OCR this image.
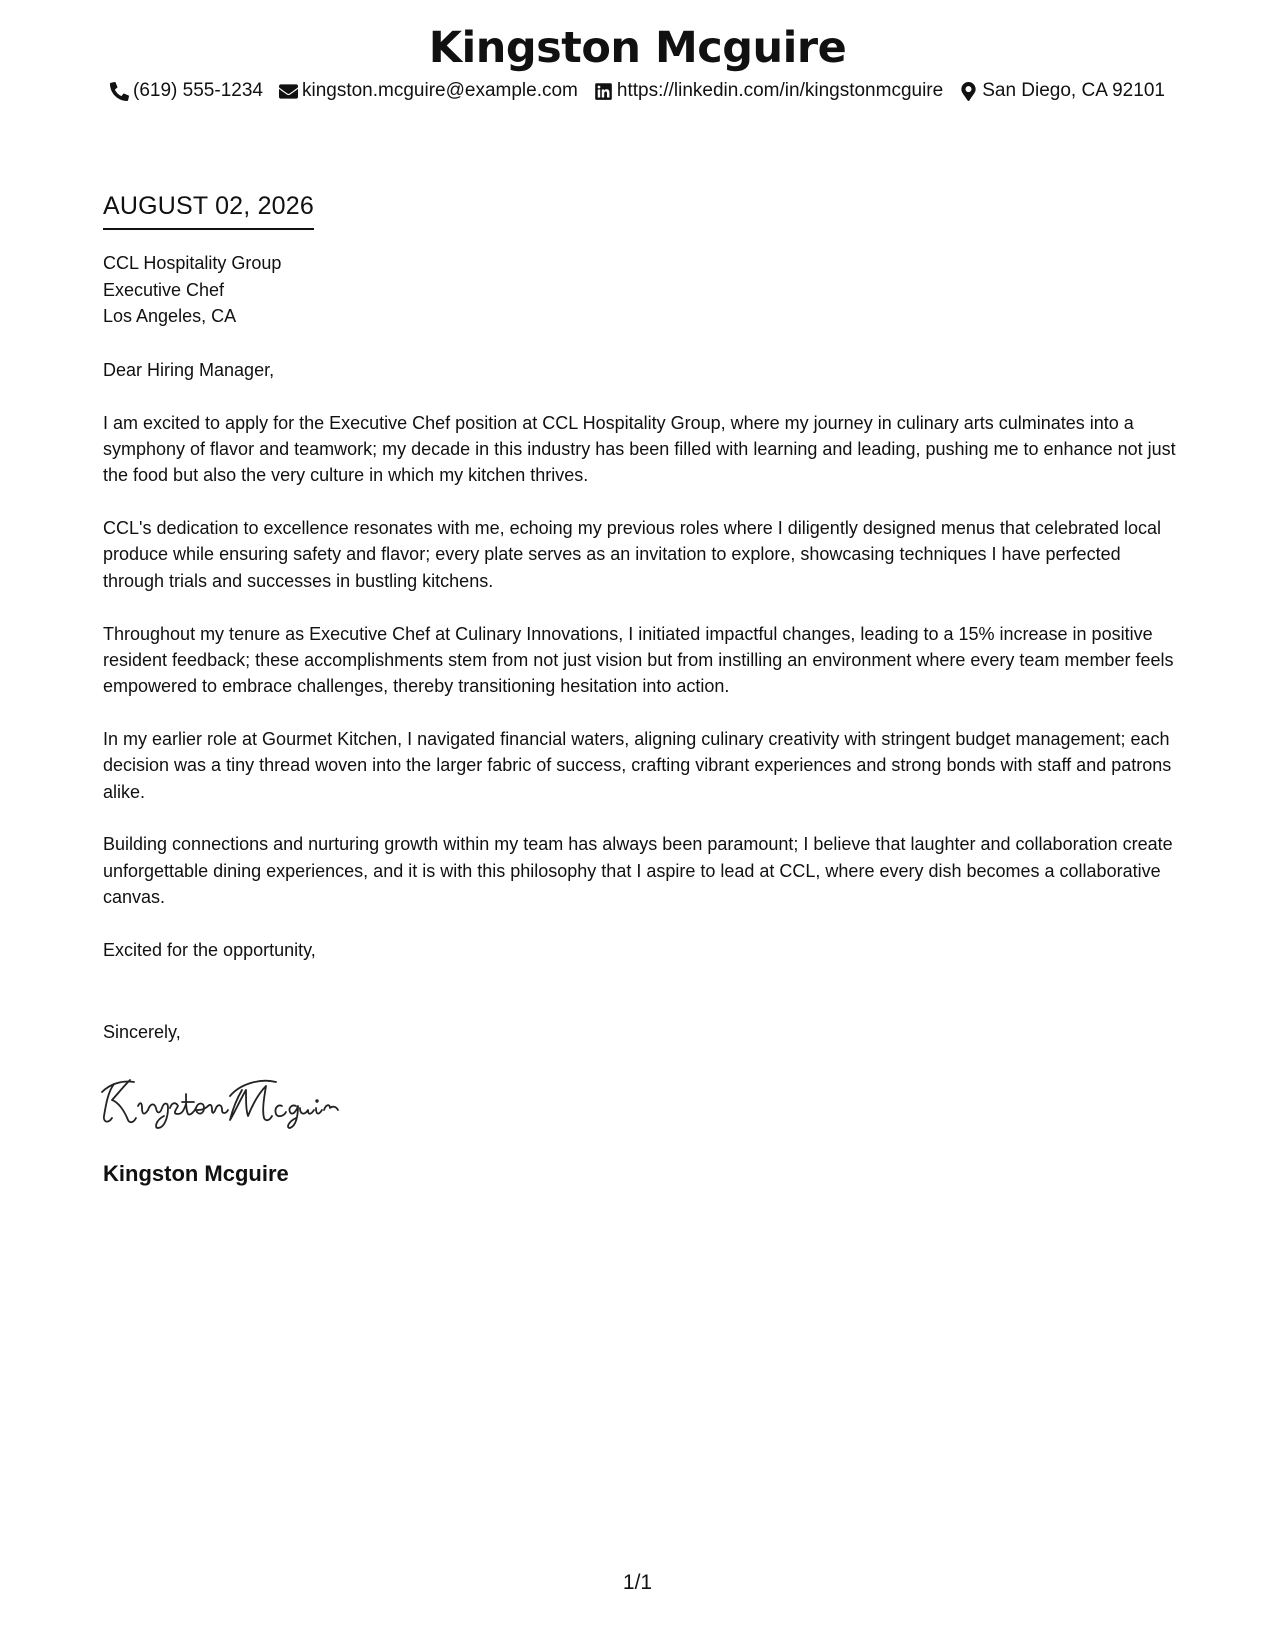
Kingston Mcguire
(619) 555-1234 kingston.mcguire@example.com https://linkedin.com/in/kingstonmcguire San Diego, CA 92101
AUGUST 02, 2026
CCL Hospitality Group
Executive Chef
Los Angeles, CA

Dear Hiring Manager,

I am excited to apply for the Executive Chef position at CCL Hospitality Group, where my journey in culinary arts culminates into a symphony of flavor and teamwork; my decade in this industry has been filled with learning and leading, pushing me to enhance not just the food but also the very culture in which my kitchen thrives.

CCL's dedication to excellence resonates with me, echoing my previous roles where I diligently designed menus that celebrated local produce while ensuring safety and flavor; every plate serves as an invitation to explore, showcasing techniques I have perfected through trials and successes in bustling kitchens.

Throughout my tenure as Executive Chef at Culinary Innovations, I initiated impactful changes, leading to a 15% increase in positive resident feedback; these accomplishments stem from not just vision but from instilling an environment where every team member feels empowered to embrace challenges, thereby transitioning hesitation into action.

In my earlier role at Gourmet Kitchen, I navigated financial waters, aligning culinary creativity with stringent budget management; each decision was a tiny thread woven into the larger fabric of success, crafting vibrant experiences and strong bonds with staff and patrons alike.

Building connections and nurturing growth within my team has always been paramount; I believe that laughter and collaboration create unforgettable dining experiences, and it is with this philosophy that I aspire to lead at CCL, where every dish becomes a collaborative canvas.

Excited for the opportunity,

Sincerely,
Kingston Mcguire
1/1
